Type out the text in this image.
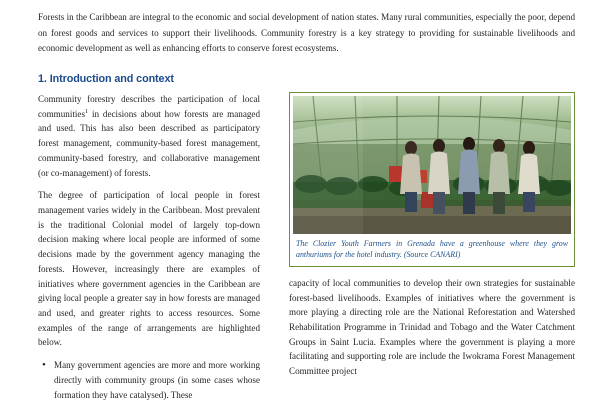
Forests in the Caribbean are integral to the economic and social development of nation states. Many rural communities, especially the poor, depend on forest goods and services to support their livelihoods. Community forestry is a key strategy to providing for sustainable livelihoods and economic development as well as enhancing efforts to conserve forest ecosystems.

1. Introduction and context
The Clozier Youth Farmers in Grenada have a greenhouse where they grow anthuriums for the hotel industry. (Source CANARI)

capacity of local communities to develop their own strategies for sustainable forest-based livelihoods. Examples of initiatives where the government is more playing a directing role are the National Reforestation and Watershed Rehabilitation Programme in Trinidad and Tobago and the Water Catchment Groups in Saint Lucia. Examples where the government is playing a more facilitating and supporting role are include the Iwokrama Forest Management Committee project

Community forestry describes the participation of local communities$^1$ in decisions about how forests are managed and used. This has also been described as participatory forest management, community-based forest management, community-based forestry, and collaborative management (or co-management) of forests.

The degree of participation of local people in forest management varies widely in the Caribbean. Most prevalent is the traditional Colonial model of largely top-down decision making where local people are informed of some decisions made by the government agency managing the forests. However, increasingly there are examples of initiatives where government agencies in the Caribbean are giving local people a greater say in how forests are managed and used, and greater rights to access resources. Some examples of the range of arrangements are highlighted below.

• Many government agencies are more and more working directly with community groups (in some cases whose formation they have catalysed). These
